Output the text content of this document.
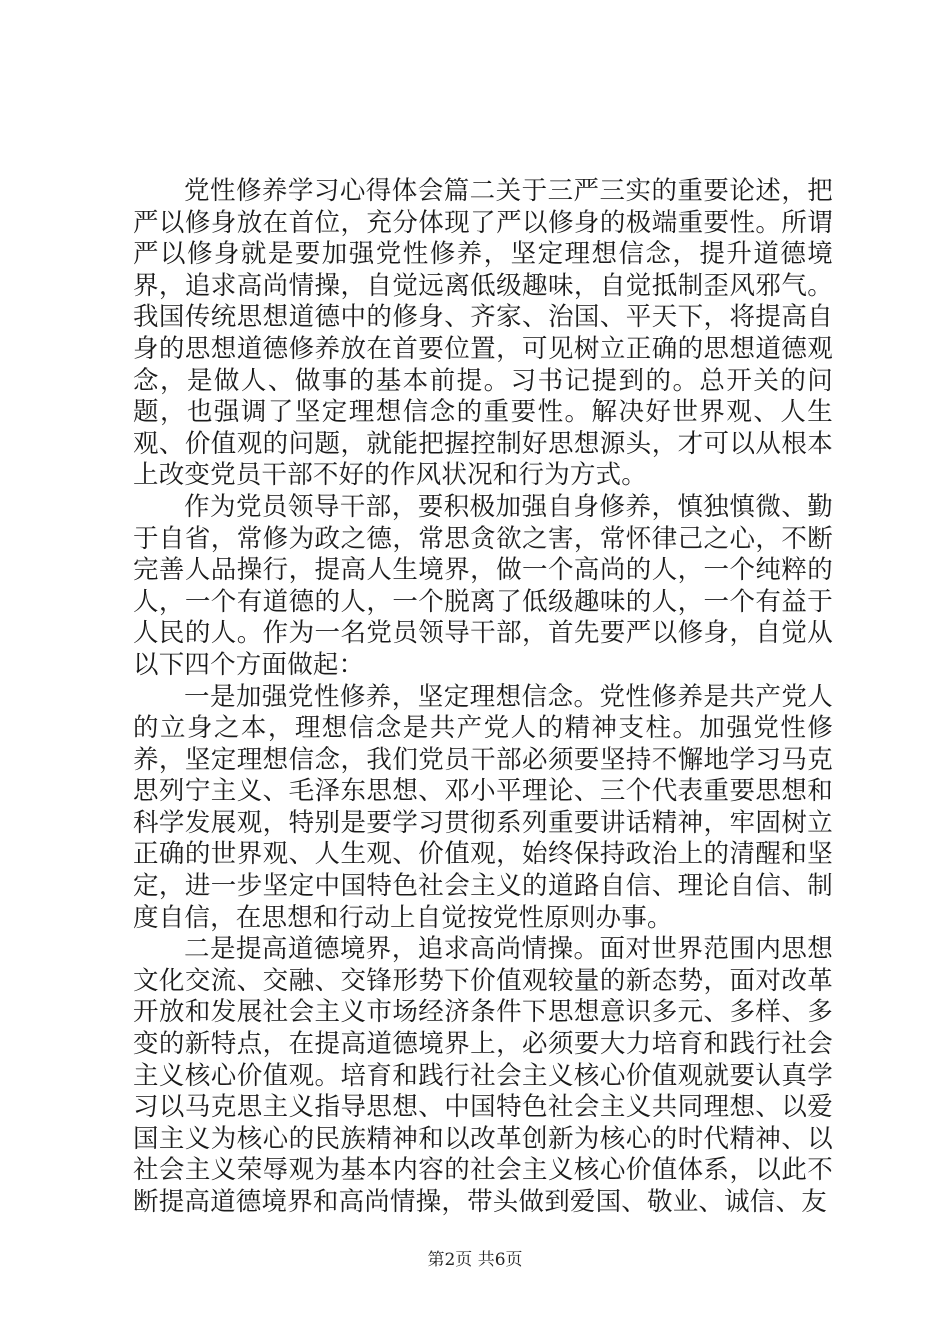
党性修养学习心得体会篇二关于三严三实的重要论述，把严以修身放在首位，充分体现了严以修身的极端重要性。所谓严以修身就是要加强党性修养，坚定理想信念，提升道德境界，追求高尚情操，自觉远离低级趣味，自觉抵制歪风邪气。我国传统思想道德中的修身、齐家、治国、平天下，将提高自身的思想道德修养放在首要位置，可见树立正确的思想道德观念，是做人、做事的基本前提。习书记提到的。总开关的问题，也强调了坚定理想信念的重要性。解决好世界观、人生观、价值观的问题，就能把握控制好思想源头，才可以从根本上改变党员干部不好的作风状况和行为方式。

作为党员领导干部，要积极加强自身修养，慎独慎微、勤于自省，常修为政之德，常思贪欲之害，常怀律己之心，不断完善人品操行，提高人生境界，做一个高尚的人，一个纯粹的人，一个有道德的人，一个脱离了低级趣味的人，一个有益于人民的人。作为一名党员领导干部，首先要严以修身，自觉从以下四个方面做起：

一是加强党性修养，坚定理想信念。党性修养是共产党人的立身之本，理想信念是共产党人的精神支柱。加强党性修养，坚定理想信念，我们党员干部必须要坚持不懈地学习马克思列宁主义、毛泽东思想、邓小平理论、三个代表重要思想和科学发展观，特别是要学习贯彻系列重要讲话精神，牢固树立正确的世界观、人生观、价值观，始终保持政治上的清醒和坚定，进一步坚定中国特色社会主义的道路自信、理论自信、制度自信，在思想和行动上自觉按党性原则办事。

二是提高道德境界，追求高尚情操。面对世界范围内思想文化交流、交融、交锋形势下价值观较量的新态势，面对改革开放和发展社会主义市场经济条件下思想意识多元、多样、多变的新特点，在提高道德境界上，必须要大力培育和践行社会主义核心价值观。培育和践行社会主义核心价值观就要认真学习以马克思主义指导思想、中国特色社会主义共同理想、以爱国主义为核心的民族精神和以改革创新为核心的时代精神、以社会主义荣辱观为基本内容的社会主义核心价值体系，以此不断提高道德境界和高尚情操，带头做到爱国、敬业、诚信、友

第2页 共6页
